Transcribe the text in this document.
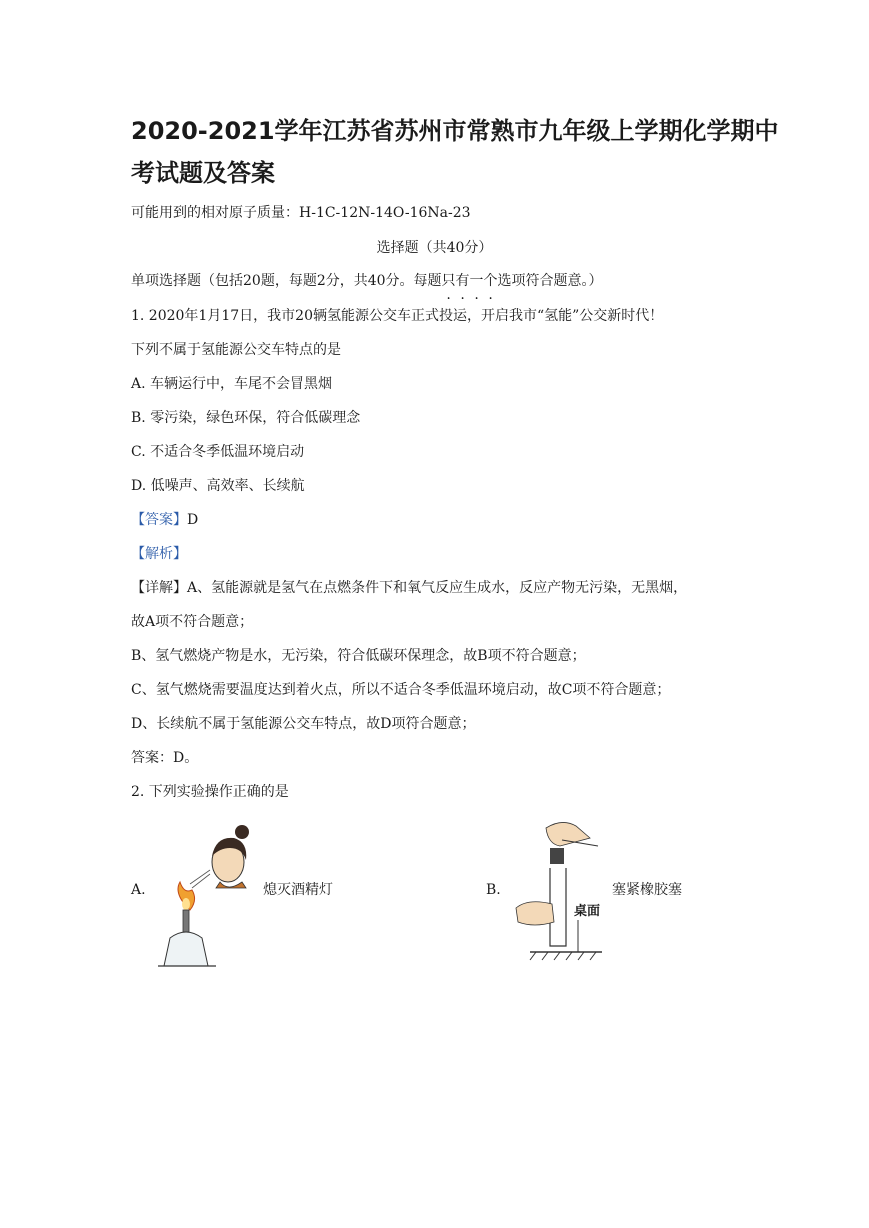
2020-2021学年江苏省苏州市常熟市九年级上学期化学期中
考试题及答案
可能用到的相对原子质量：H-1C-12N-14O-16Na-23
选择题（共40分）
单项选择题（包括20题，每题2分，共40分。每题只有一个选项符合题意。）
1. 2020年1月17日，我市20辆氢能源公交车正式投运，开启我市“氢能”公交新时代！
下列不属于氢能源公交车特点的是
A. 车辆运行中，车尾不会冒黑烟
B. 零污染，绿色环保，符合低碳理念
C. 不适合冬季低温环境启动
D. 低噪声、高效率、长续航
【答案】D
【解析】
【详解】A、氢能源就是氢气在点燃条件下和氧气反应生成水，反应产物无污染，无黑烟，
故A项不符合题意；
B、氢气燃烧产物是水，无污染，符合低碳环保理念，故B项不符合题意；
C、氢气燃烧需要温度达到着火点，所以不适合冬季低温环境启动，故C项不符合题意；
D、长续航不属于氢能源公交车特点，故D项符合题意；
答案：D。
2. 下列实验操作正确的是
A.	熄灭酒精灯	B.
桌面
塞紧橡胶塞
